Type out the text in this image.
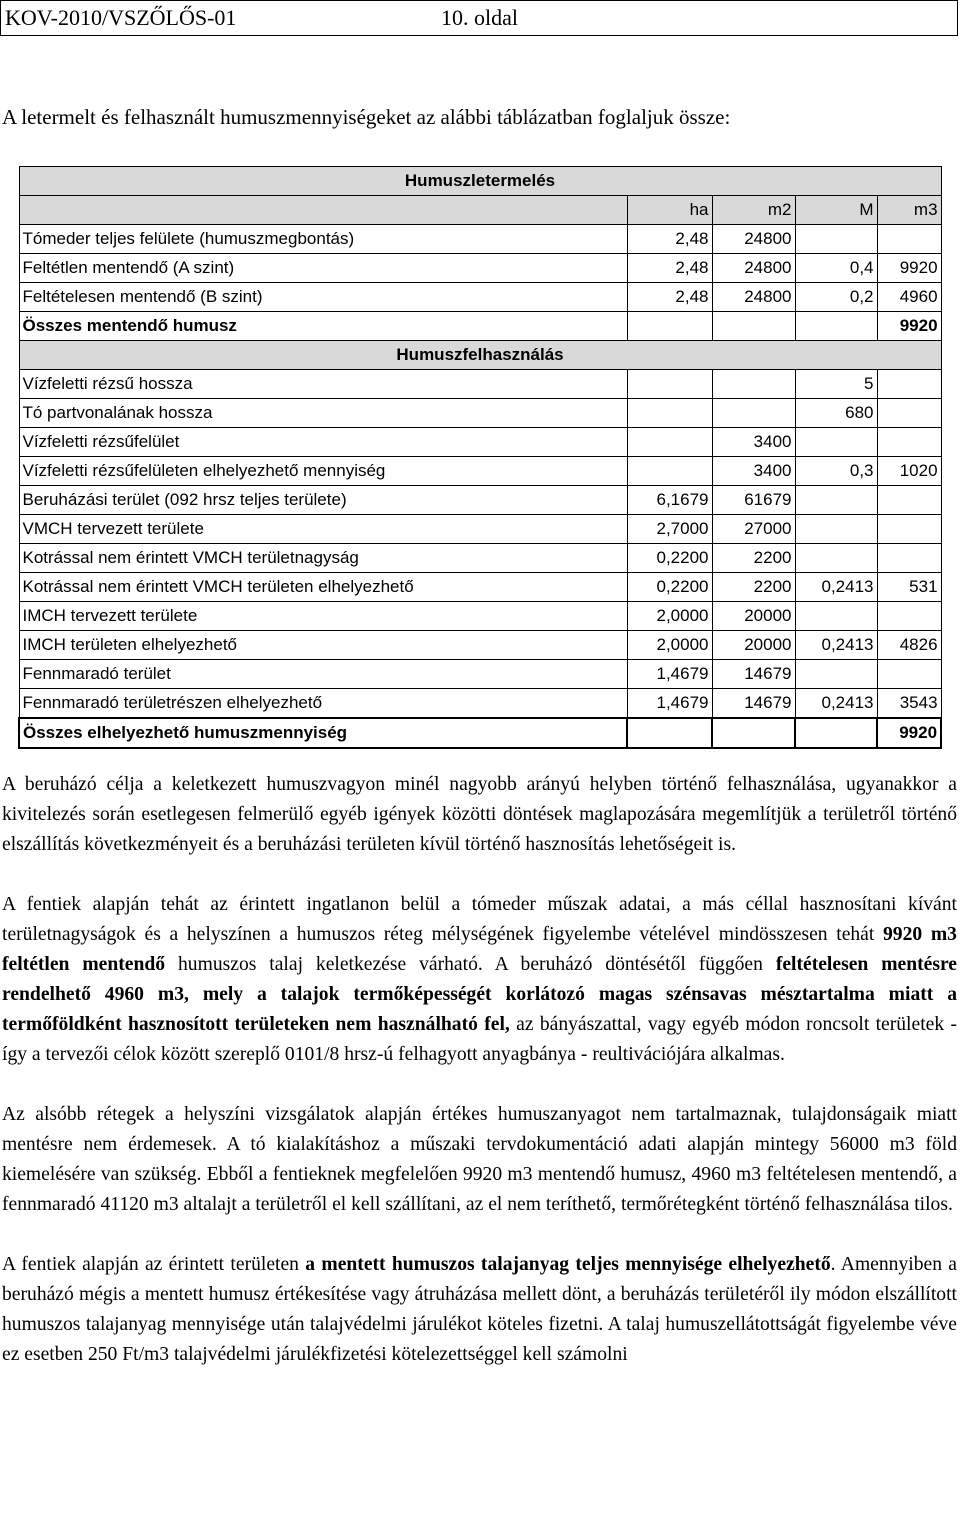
KOV-2010/VSZŐLŐS-01	10. oldal
A letermelt és felhasznált humuszmennyiségeket az alábbi táblázatban foglaljuk össze:
Humuszletermelés				
	ha	m2	M	m3
Tómeder teljes felülete (humuszmegbontás)	2,48	24800		
Feltétlen mentendő (A szint)	2,48	24800	0,4	9920
Feltételesen mentendő (B szint)	2,48	24800	0,2	4960
Összes mentendő humusz				9920
Humuszfelhasználás				
Vízfeletti rézsű hossza			5	
Tó partvonalának hossza			680	
Vízfeletti rézsűfelület		3400		
Vízfeletti rézsűfelületen elhelyezhető mennyiség		3400	0,3	1020
Beruházási terület (092 hrsz teljes területe)	6,1679	61679		
VMCH tervezett területe	2,7000	27000		
Kotrással nem érintett VMCH területnagyság	0,2200	2200		
Kotrással nem érintett VMCH területen elhelyezhető	0,2200	2200	0,2413	531
IMCH tervezett területe	2,0000	20000		
IMCH területen elhelyezhető	2,0000	20000	0,2413	4826
Fennmaradó terület	1,4679	14679		
Fennmaradó területrészen elhelyezhető	1,4679	14679	0,2413	3543
Összes elhelyezhető humuszmennyiség				9920

A beruházó célja a keletkezett humuszvagyon minél nagyobb arányú helyben történő felhasználása, ugyanakkor a kivitelezés során esetlegesen felmerülő egyéb igények közötti döntések maglapozására megemlítjük a területről történő elszállítás következményeit és a beruházási területen kívül történő hasznosítás lehetőségeit is.

A fentiek alapján tehát az érintett ingatlanon belül a tómeder műszak adatai, a más céllal hasznosítani kívánt területnagyságok és a helyszínen a humuszos réteg mélységének figyelembe vételével mindösszesen tehát 9920 m3 feltétlen mentendő humuszos talaj keletkezése várható. A beruházó döntésétől függően feltételesen mentésre rendelhető 4960 m3, mely a talajok termőképességét korlátozó magas szénsavas mésztartalma miatt a termőföldként hasznosított területeken nem használható fel, az bányászattal, vagy egyéb módon roncsolt területek - így a tervezői célok között szereplő 0101/8 hrsz-ú felhagyott anyagbánya - reultivációjára alkalmas.

Az alsóbb rétegek a helyszíni vizsgálatok alapján értékes humuszanyagot nem tartalmaznak, tulajdonságaik miatt mentésre nem érdemesek. A tó kialakításhoz a műszaki tervdokumentáció adati alapján mintegy 56000 m3 föld kiemelésére van szükség. Ebből a fentieknek megfelelően 9920 m3 mentendő humusz, 4960 m3 feltételesen mentendő, a fennmaradó 41120 m3 altalajt a területről el kell szállítani, az el nem teríthető, termőrétegként történő felhasználása tilos.

A fentiek alapján az érintett területen a mentett humuszos talajanyag teljes mennyisége elhelyezhető. Amennyiben a beruházó mégis a mentett humusz értékesítése vagy átruházása mellett dönt, a beruházás területéről ily módon elszállított humuszos talajanyag mennyisége után talajvédelmi járulékot köteles fizetni. A talaj humuszellátottságát figyelembe véve ez esetben 250 Ft/m3 talajvédelmi járulékfizetési kötelezettséggel kell számolni
